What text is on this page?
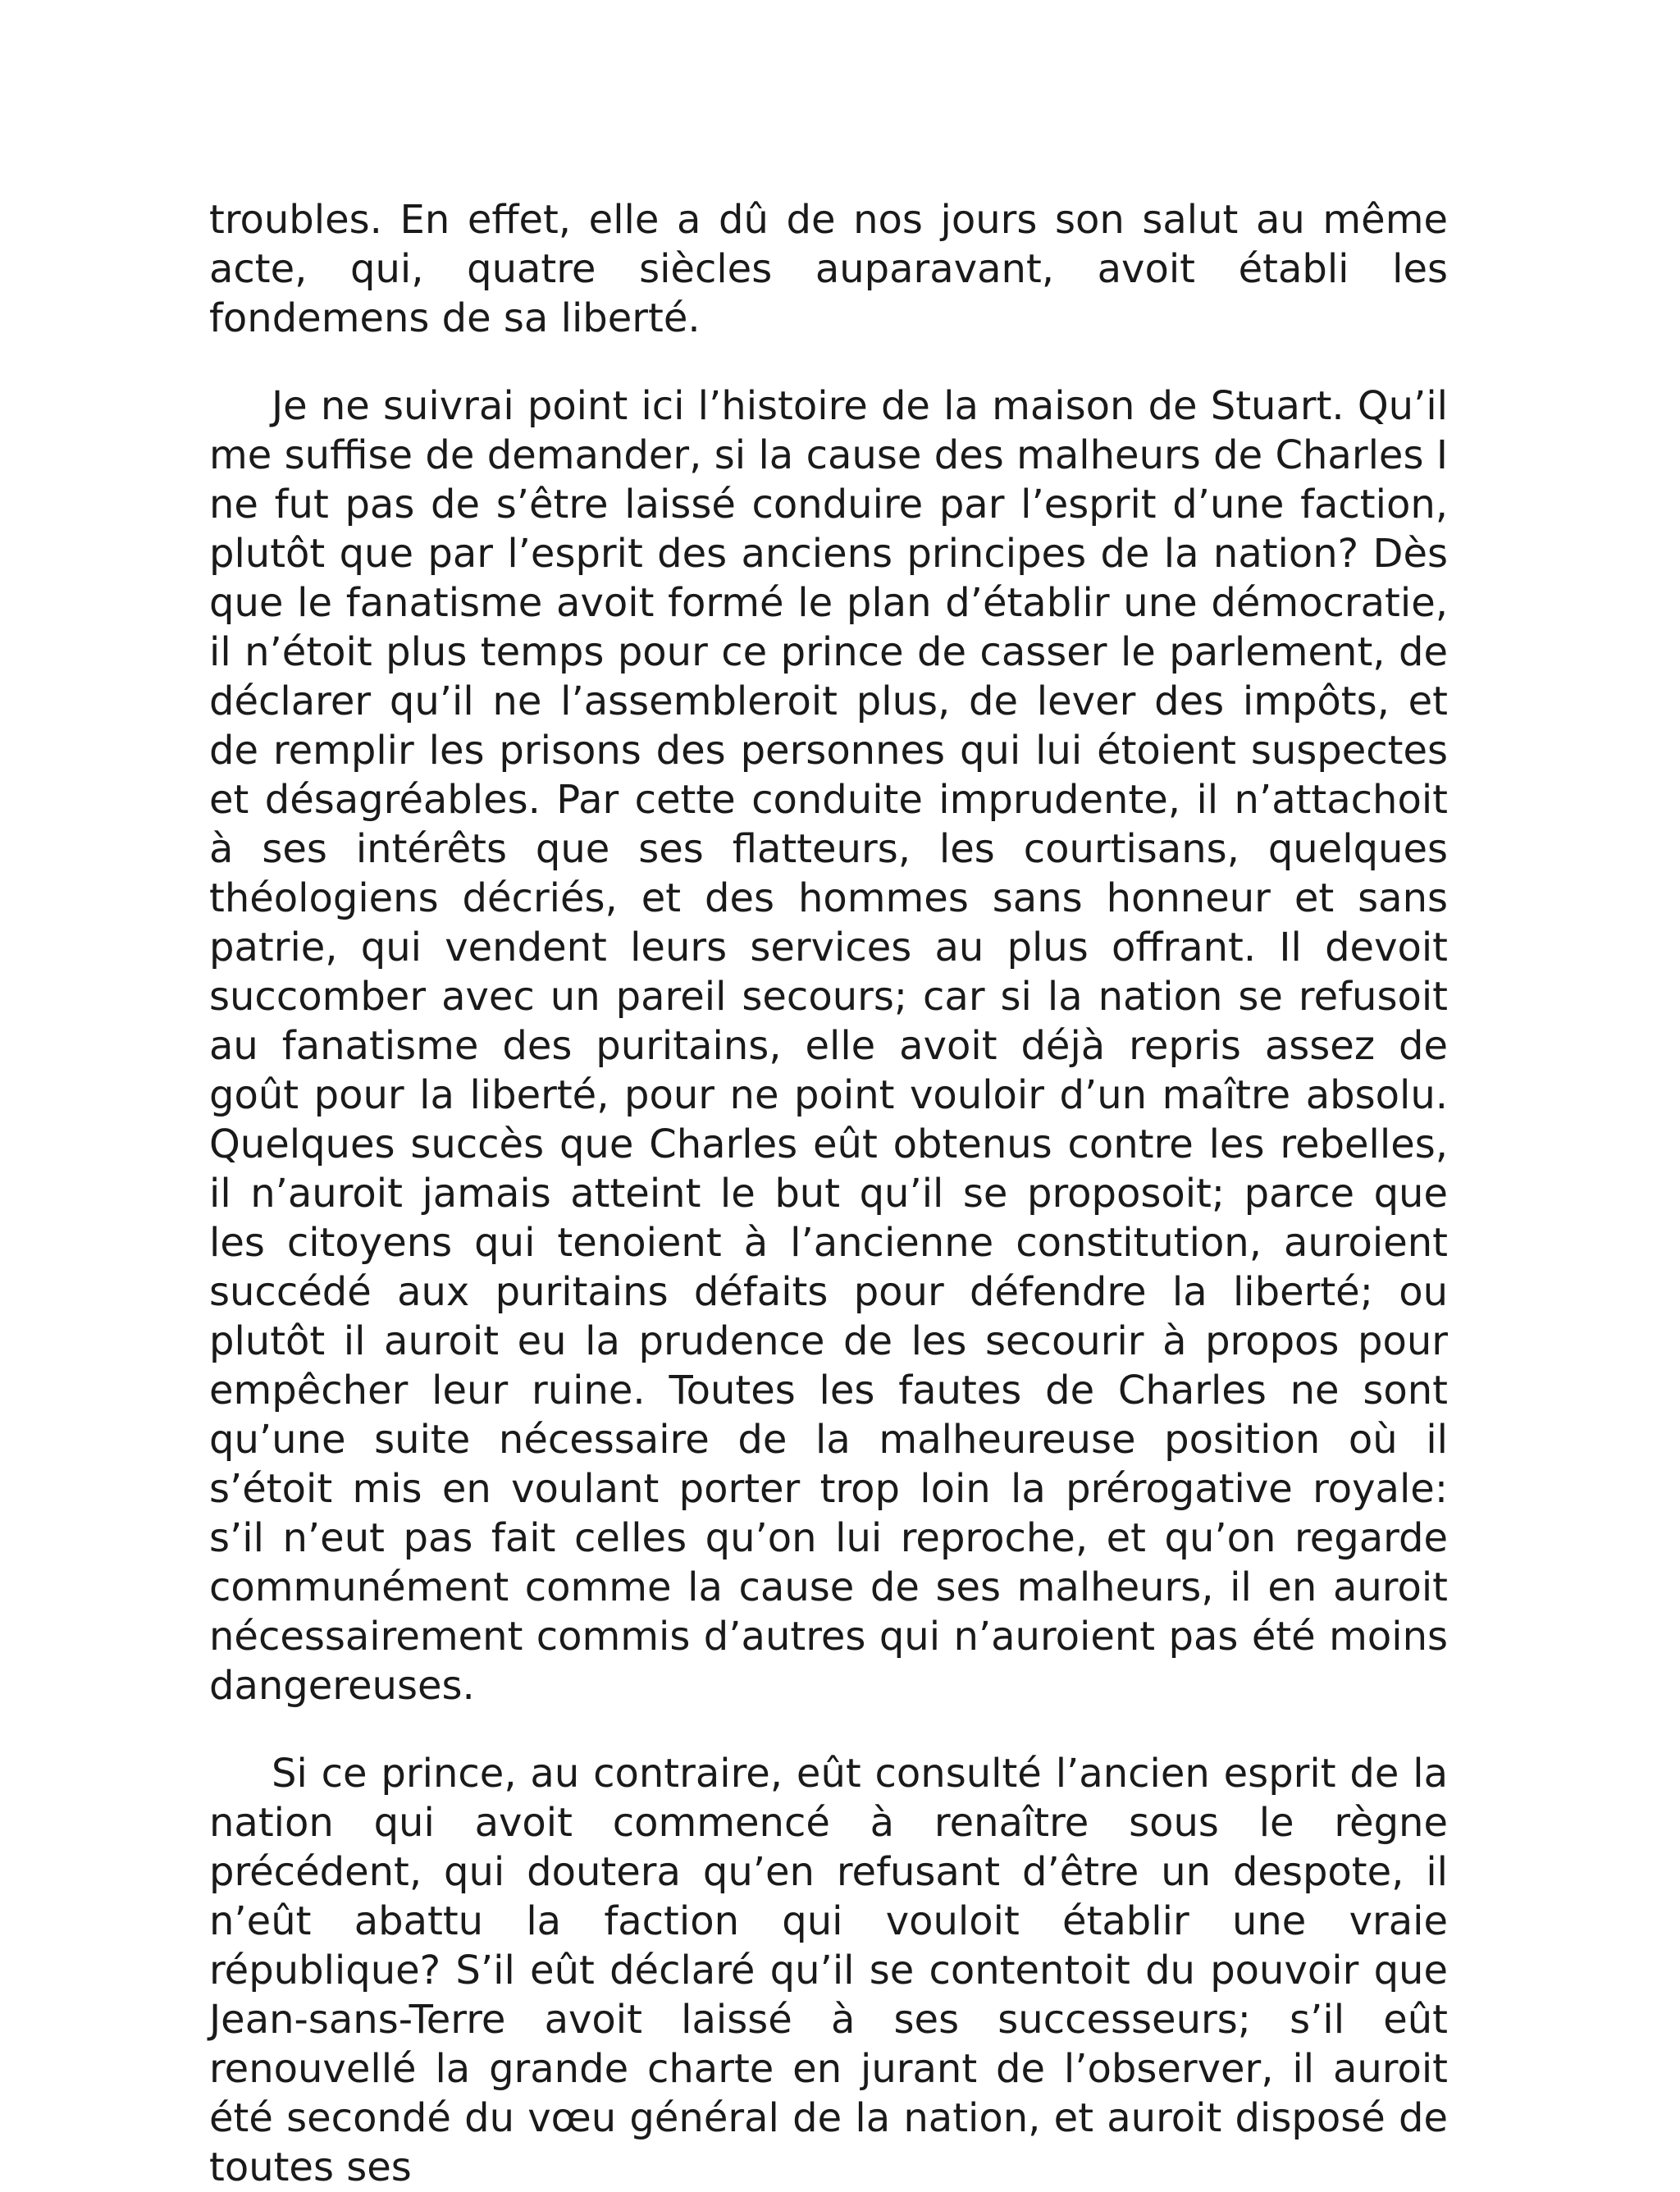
troubles. En effet, elle a dû de nos jours son salut au même acte, qui, quatre siècles auparavant, avoit établi les fondemens de sa liberté.

Je ne suivrai point ici l’histoire de la maison de Stuart. Qu’il me suffise de demander, si la cause des malheurs de Charles I ne fut pas de s’être laissé conduire par l’esprit d’une faction, plutôt que par l’esprit des anciens principes de la nation? Dès que le fanatisme avoit formé le plan d’établir une démocratie, il n’étoit plus temps pour ce prince de casser le parlement, de déclarer qu’il ne l’assembleroit plus, de lever des impôts, et de remplir les prisons des personnes qui lui étoient suspectes et désagréables. Par cette conduite imprudente, il n’attachoit à ses intérêts que ses flatteurs, les courtisans, quelques théologiens décriés, et des hommes sans honneur et sans patrie, qui vendent leurs services au plus offrant. Il devoit succomber avec un pareil secours; car si la nation se refusoit au fanatisme des puritains, elle avoit déjà repris assez de goût pour la liberté, pour ne point vouloir d’un maître absolu. Quelques succès que Charles eût obtenus contre les rebelles, il n’auroit jamais atteint le but qu’il se proposoit; parce que les citoyens qui tenoient à l’ancienne constitution, auroient succédé aux puritains défaits pour défendre la liberté; ou plutôt il auroit eu la prudence de les secourir à propos pour empêcher leur ruine. Toutes les fautes de Charles ne sont qu’une suite nécessaire de la malheureuse position où il s’étoit mis en voulant porter trop loin la prérogative royale: s’il n’eut pas fait celles qu’on lui reproche, et qu’on regarde communément comme la cause de ses malheurs, il en auroit nécessairement commis d’autres qui n’auroient pas été moins dangereuses.

Si ce prince, au contraire, eût consulté l’ancien esprit de la nation qui avoit commencé à renaître sous le règne précédent, qui doutera qu’en refusant d’être un despote, il n’eût abattu la faction qui vouloit établir une vraie république? S’il eût déclaré qu’il se contentoit du pouvoir que Jean-sans-Terre avoit laissé à ses successeurs; s’il eût renouvellé la grande charte en jurant de l’observer, il auroit été secondé du vœu général de la nation, et auroit disposé de toutes ses
